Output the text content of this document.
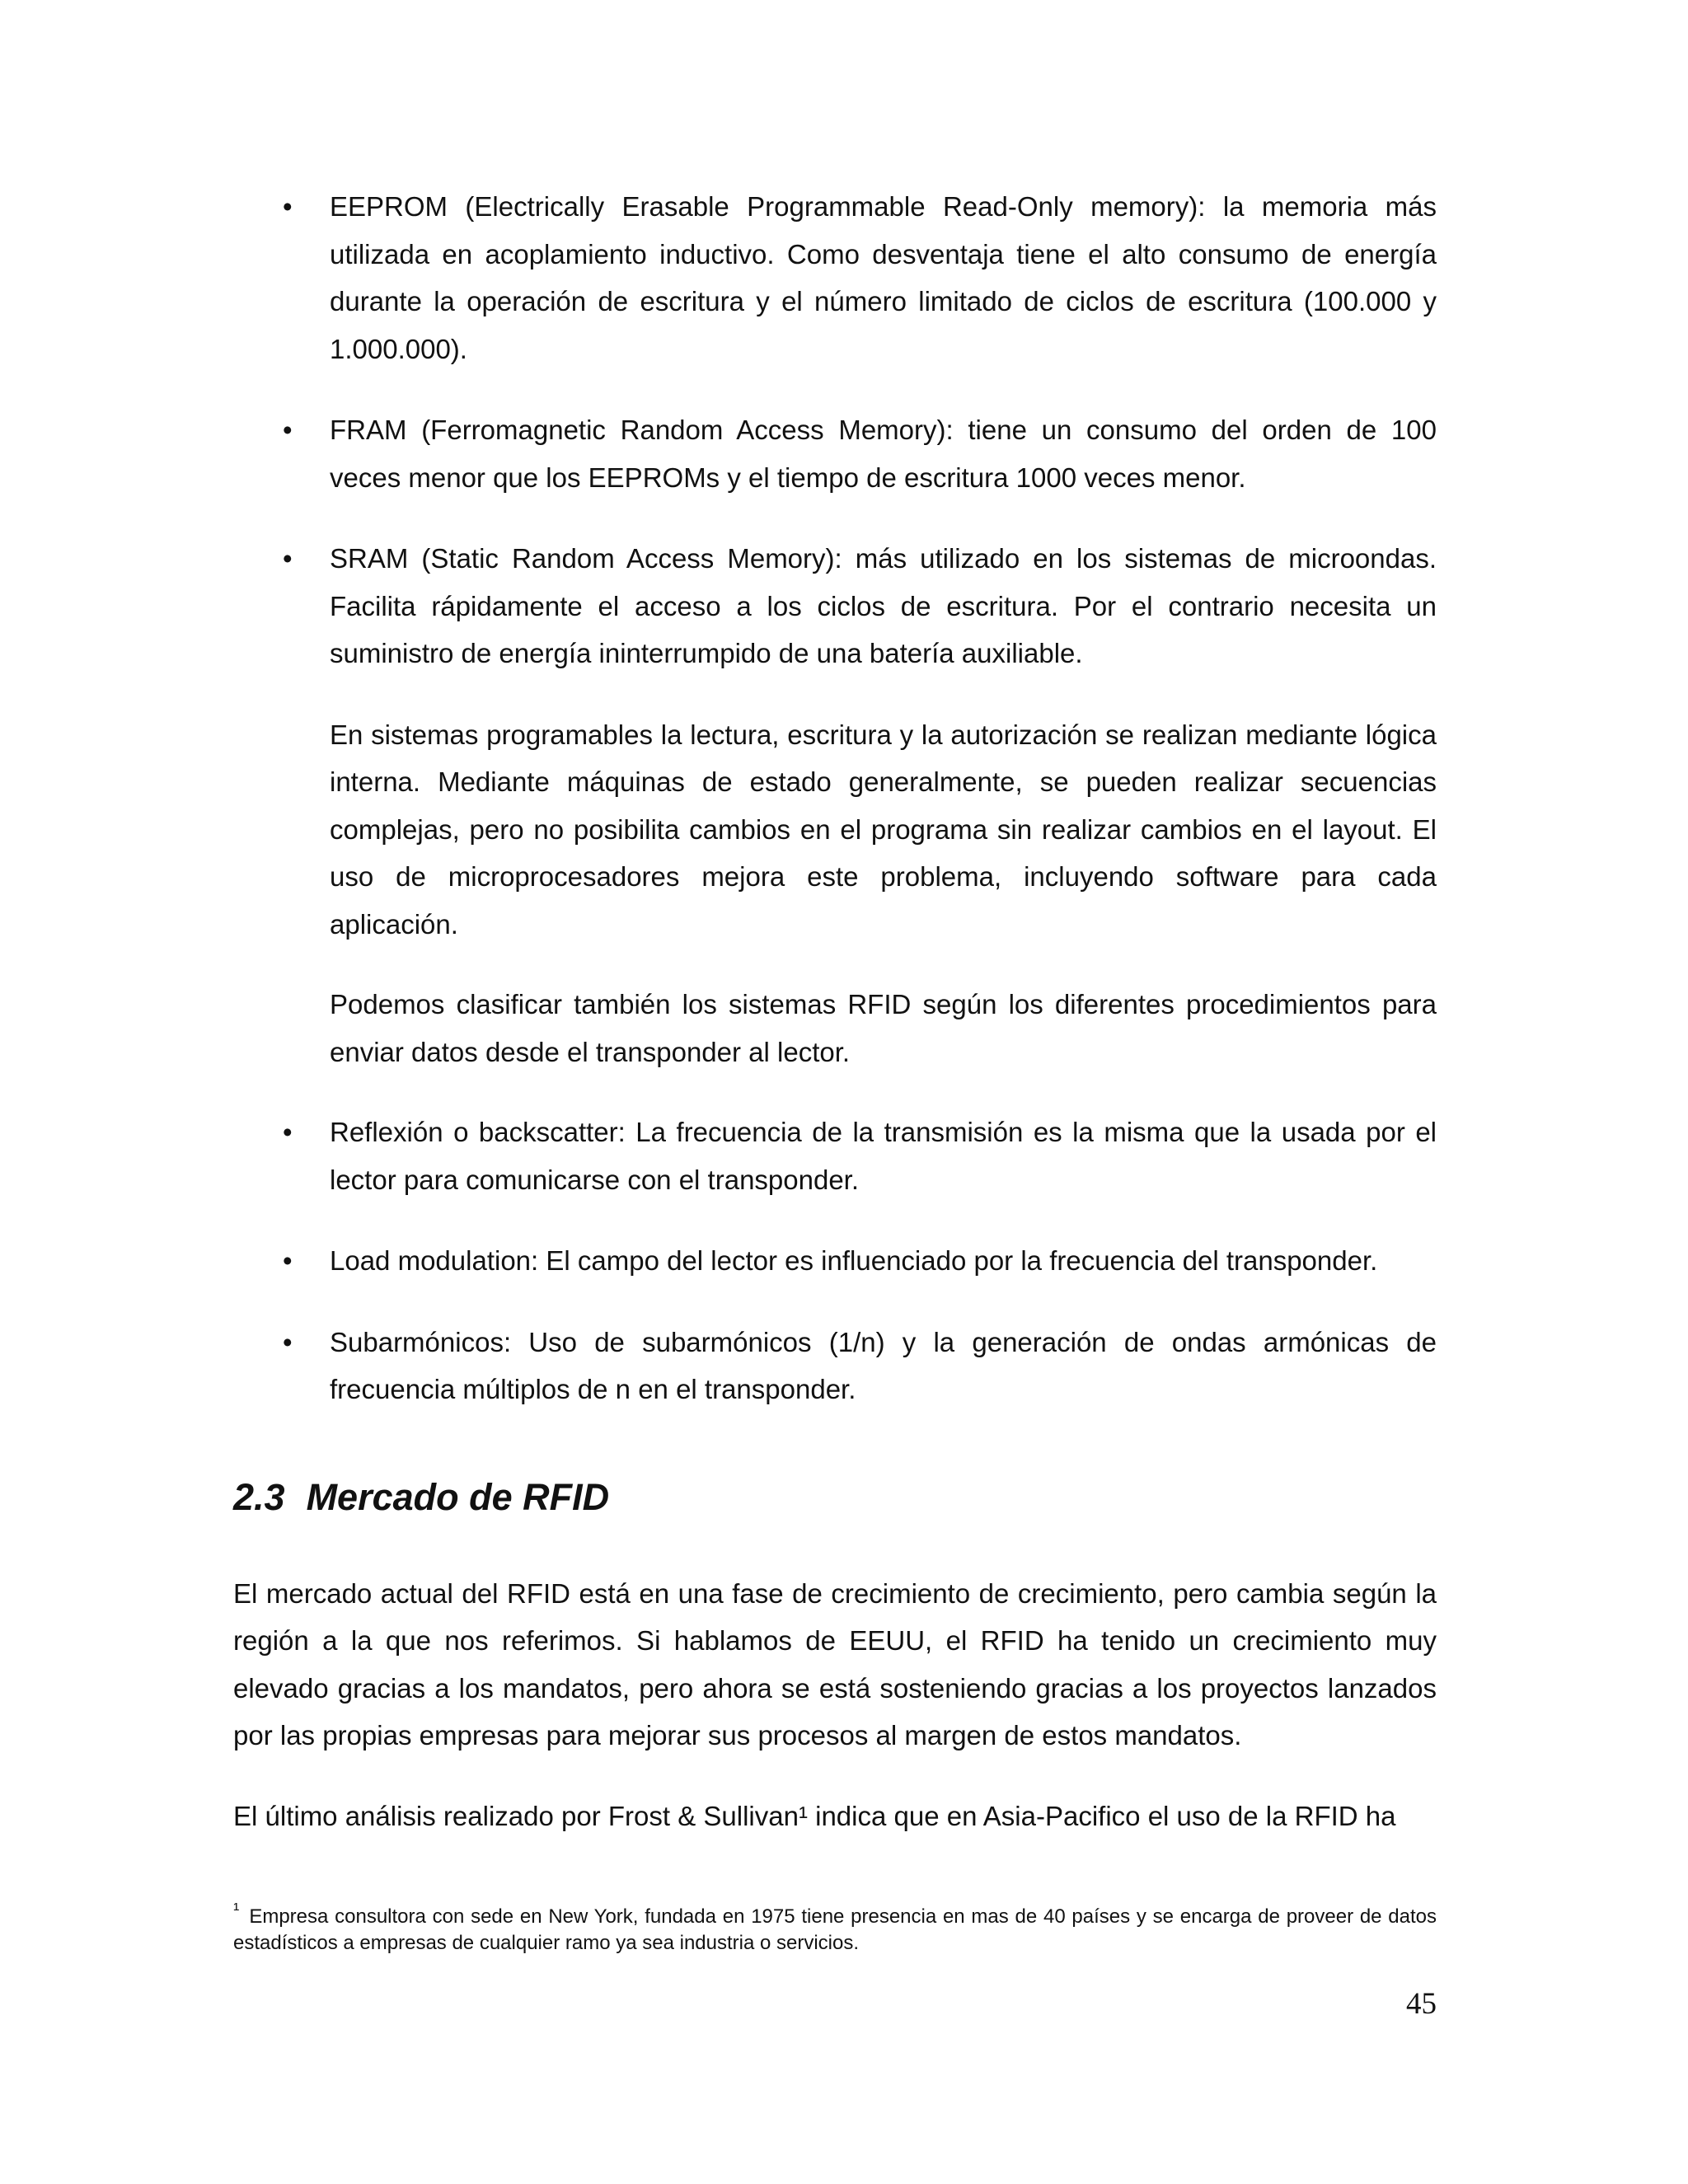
• EEPROM (Electrically Erasable Programmable Read-Only memory): la memoria más utilizada en acoplamiento inductivo. Como desventaja tiene el alto consumo de energía durante la operación de escritura y el número limitado de ciclos de escritura (100.000 y 1.000.000).
• FRAM (Ferromagnetic Random Access Memory): tiene un consumo del orden de 100 veces menor que los EEPROMs y el tiempo de escritura 1000 veces menor.
• SRAM (Static Random Access Memory): más utilizado en los sistemas de microondas. Facilita rápidamente el acceso a los ciclos de escritura. Por el contrario necesita un suministro de energía ininterrumpido de una batería auxiliable.

En sistemas programables la lectura, escritura y la autorización se realizan mediante lógica interna. Mediante máquinas de estado generalmente, se pueden realizar secuencias complejas, pero no posibilita cambios en el programa sin realizar cambios en el layout. El uso de microprocesadores mejora este problema, incluyendo software para cada aplicación.

Podemos clasificar también los sistemas RFID según los diferentes procedimientos para enviar datos desde el transponder al lector.

• Reflexión o backscatter: La frecuencia de la transmisión es la misma que la usada por el lector para comunicarse con el transponder.
• Load modulation: El campo del lector es influenciado por la frecuencia del transponder.
• Subarmónicos: Uso de subarmónicos (1/n) y la generación de ondas armónicas de frecuencia múltiplos de n en el transponder.
2.3 Mercado de RFID

El mercado actual del RFID está en una fase de crecimiento de crecimiento, pero cambia según la región a la que nos referimos. Si hablamos de EEUU, el RFID ha tenido un crecimiento muy elevado gracias a los mandatos, pero ahora se está sosteniendo gracias a los proyectos lanzados por las propias empresas para mejorar sus procesos al margen de estos mandatos.

El último análisis realizado por Frost & Sullivan¹ indica que en Asia-Pacifico el uso de la RFID ha

$^{^1}$ Empresa consultora con sede en New York, fundada en 1975 tiene presencia en mas de 40 países y se encarga de proveer de datos estadísticos a empresas de cualquier ramo ya sea industria o servicios.
45
